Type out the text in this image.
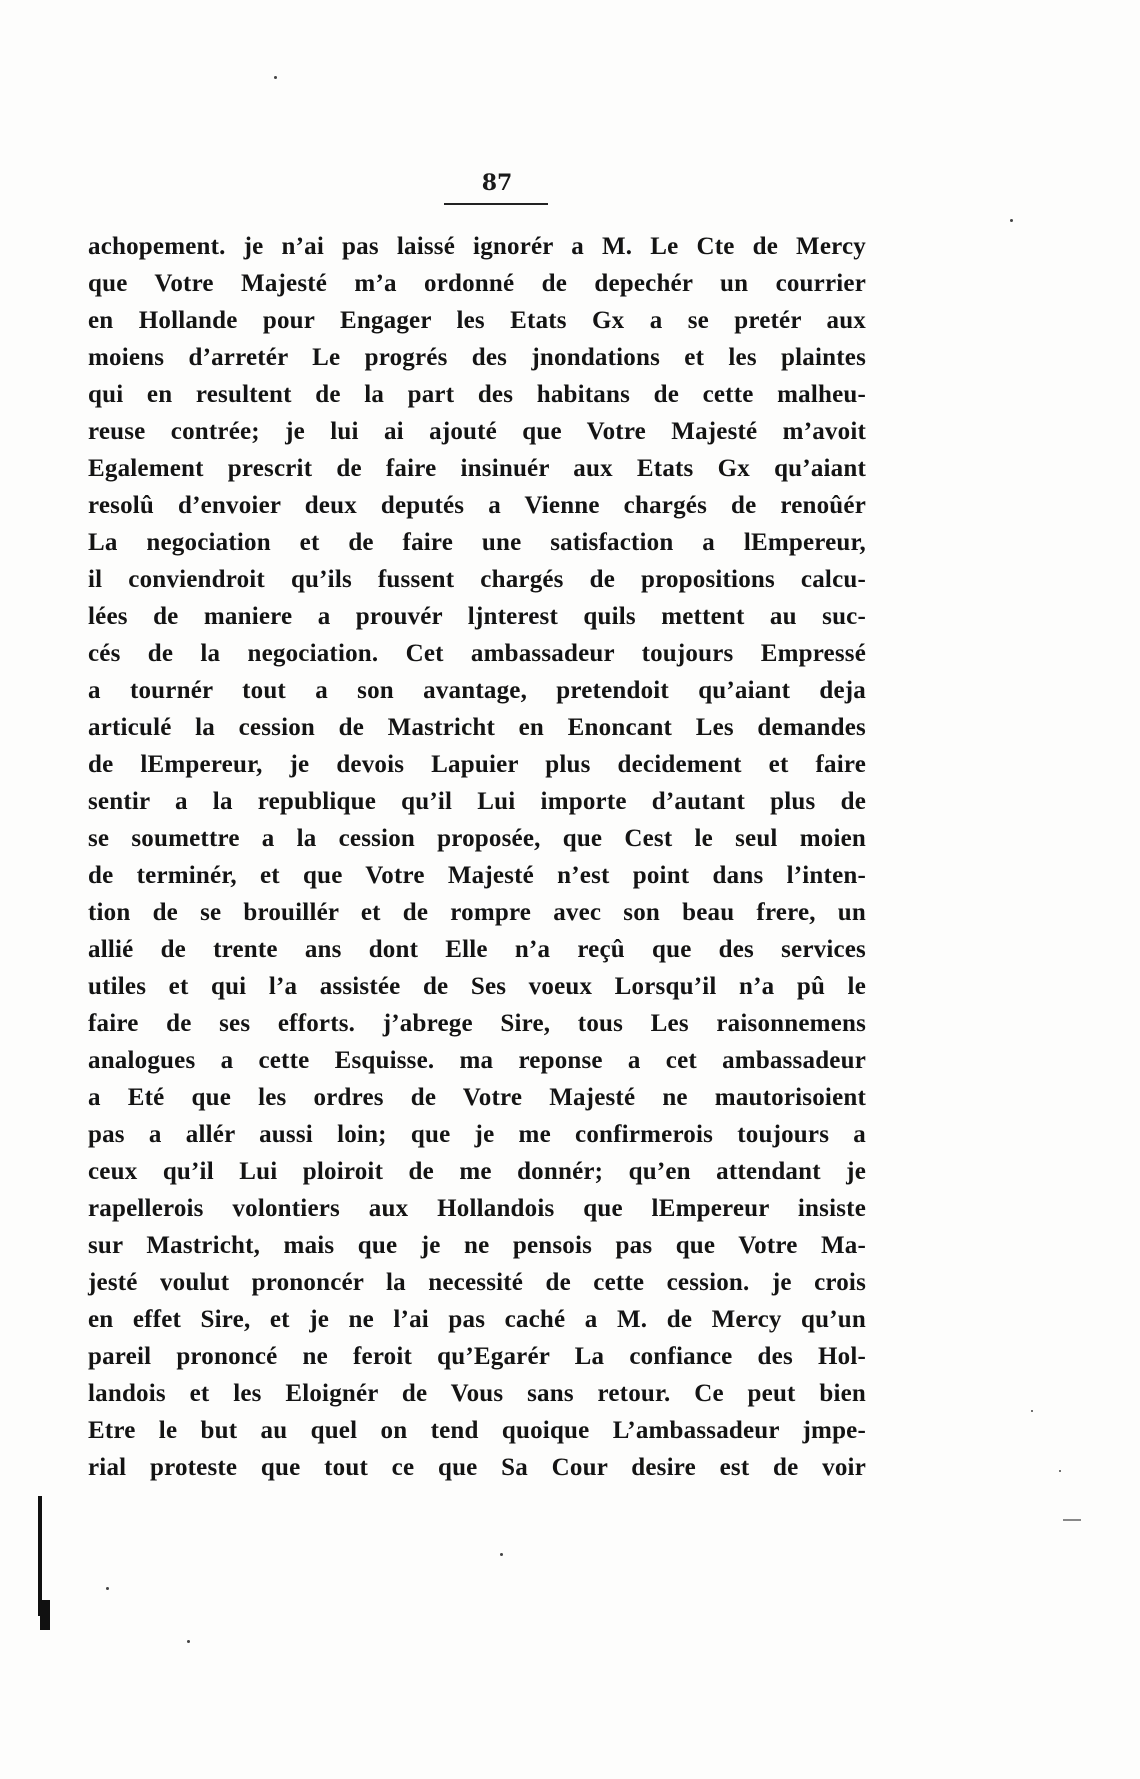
87
achopement. je n’ai pas laissé ignorér a M. Le Cte de Mercy
que Votre Majesté m’a ordonné de depechér un courrier
en Hollande pour Engager les Etats Gx a se pretér aux
moiens d’arretér Le progrés des jnondations et les plaintes
qui en resultent de la part des habitans de cette malheu-
reuse contrée; je lui ai ajouté que Votre Majesté m’avoit
Egalement prescrit de faire insinuér aux Etats Gx qu’aiant
resolû d’envoier deux deputés a Vienne chargés de renoûér
La negociation et de faire une satisfaction a lEmpereur,
il conviendroit qu’ils fussent chargés de propositions calcu-
lées de maniere a prouvér ljnterest quils mettent au suc-
cés de la negociation. Cet ambassadeur toujours Empressé
a tournér tout a son avantage, pretendoit qu’aiant deja
articulé la cession de Mastricht en Enoncant Les demandes
de lEmpereur, je devois Lapuier plus decidement et faire
sentir a la republique qu’il Lui importe d’autant plus de
se soumettre a la cession proposée, que Cest le seul moien
de terminér, et que Votre Majesté n’est point dans l’inten-
tion de se brouillér et de rompre avec son beau frere, un
allié de trente ans dont Elle n’a reçû que des services
utiles et qui l’a assistée de Ses voeux Lorsqu’il n’a pû le
faire de ses efforts. j’abrege Sire, tous Les raisonnemens
analogues a cette Esquisse. ma reponse a cet ambassadeur
a Eté que les ordres de Votre Majesté ne mautorisoient
pas a allér aussi loin; que je me confirmerois toujours a
ceux qu’il Lui ploiroit de me donnér; qu’en attendant je
rapellerois volontiers aux Hollandois que lEmpereur insiste
sur Mastricht, mais que je ne pensois pas que Votre Ma-
jesté voulut prononcér la necessité de cette cession. je crois
en effet Sire, et je ne l’ai pas caché a M. de Mercy qu’un
pareil prononcé ne feroit qu’Egarér La confiance des Hol-
landois et les Eloignér de Vous sans retour. Ce peut bien
Etre le but au quel on tend quoique L’ambassadeur jmpe-
rial proteste que tout ce que Sa Cour desire est de voir
